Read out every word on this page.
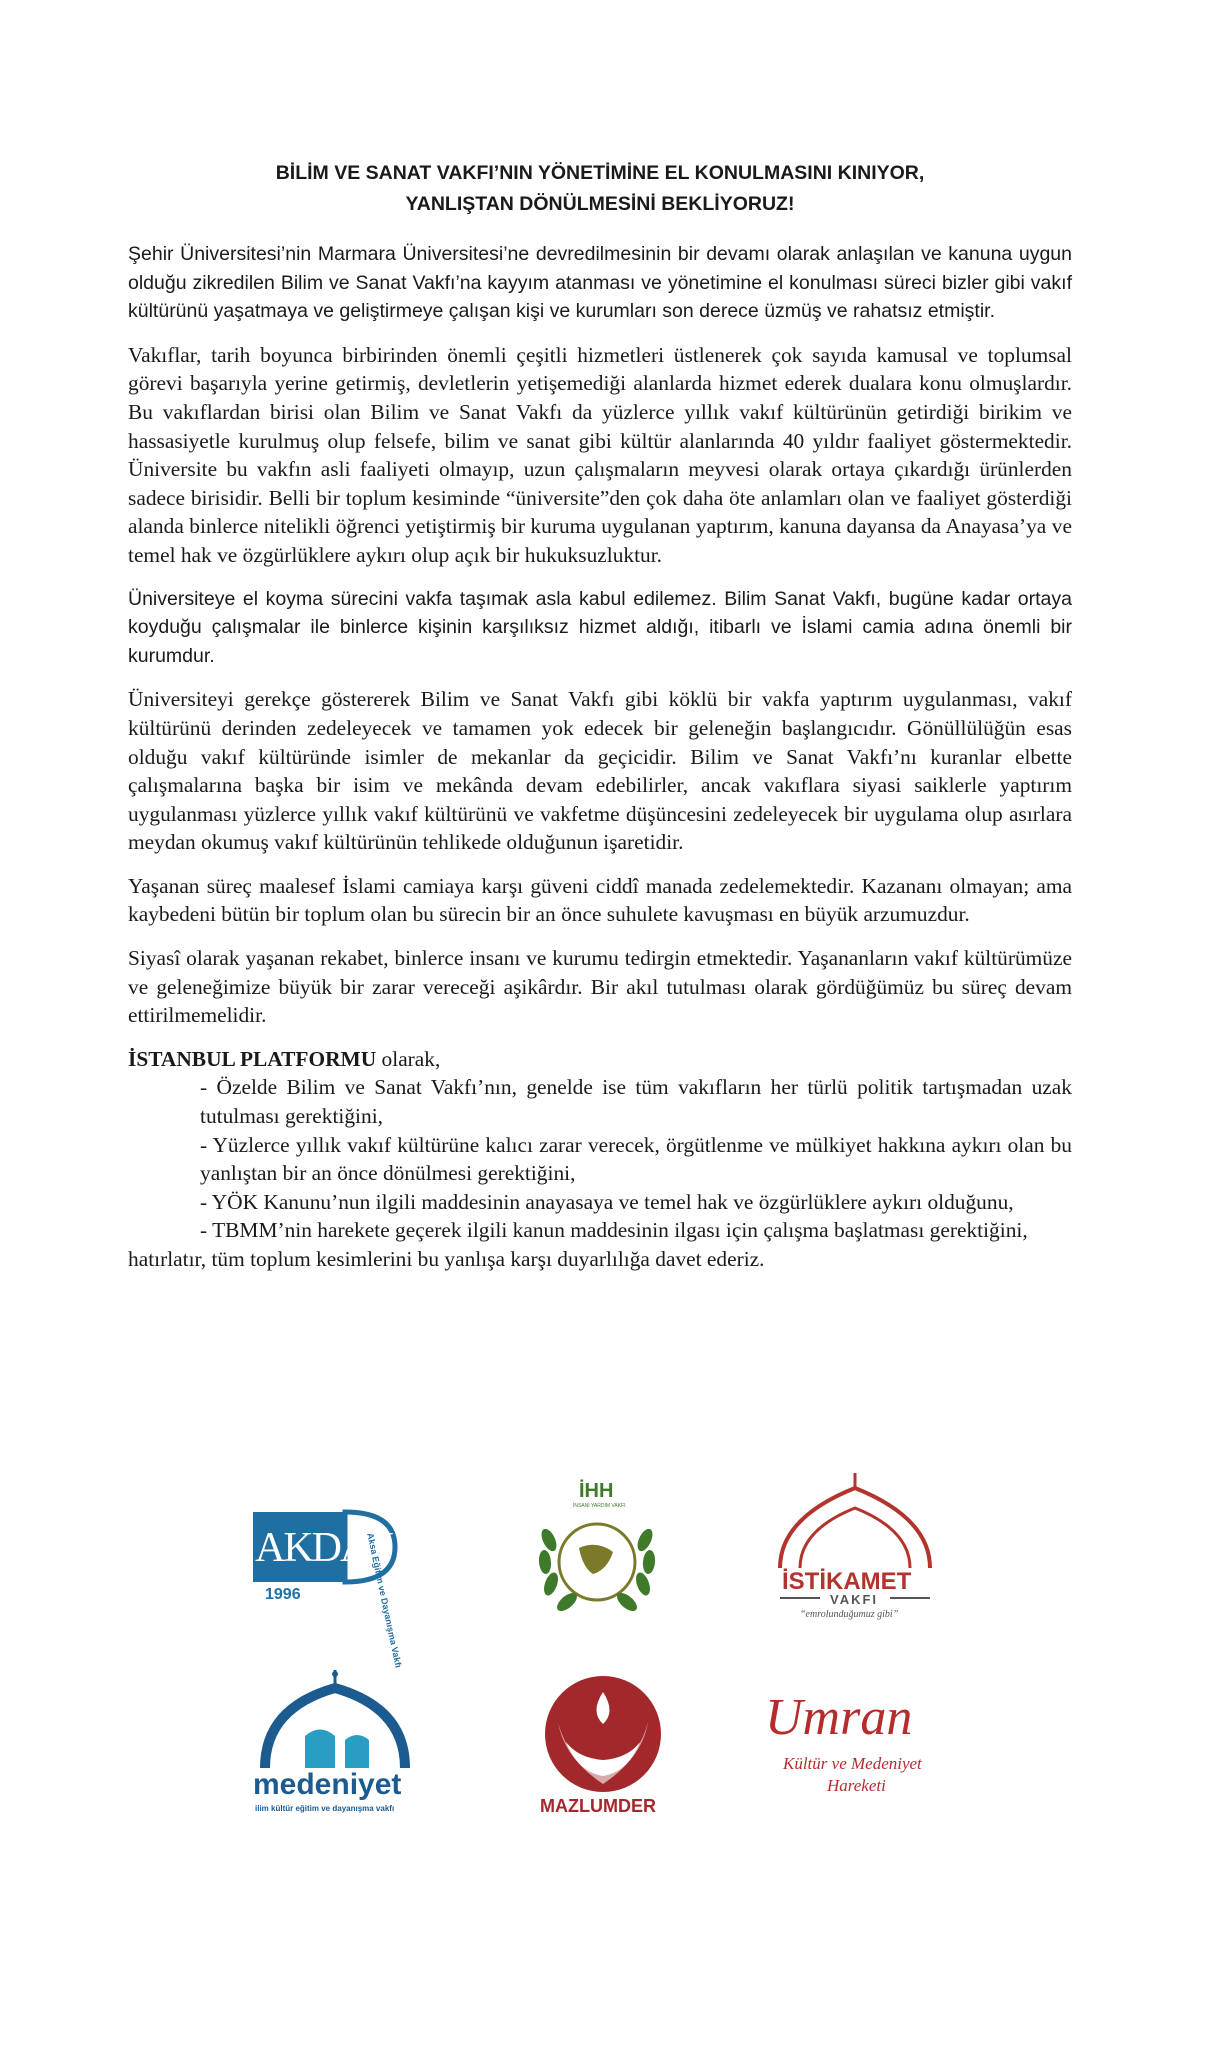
BİLİM VE SANAT VAKFI’NIN YÖNETİMİNE EL KONULMASINI KINIYOR,
YANLIŞTAN DÖNÜLMESİNİ BEKLİYORUZ!

Şehir Üniversitesi’nin Marmara Üniversitesi’ne devredilmesinin bir devamı olarak anlaşılan ve kanuna uygun olduğu zikredilen Bilim ve Sanat Vakfı’na kayyım atanması ve yönetimine el konulması süreci bizler gibi vakıf kültürünü yaşatmaya ve geliştirmeye çalışan kişi ve kurumları son derece üzmüş ve rahatsız etmiştir.

Vakıflar, tarih boyunca birbirinden önemli çeşitli hizmetleri üstlenerek çok sayıda kamusal ve toplumsal görevi başarıyla yerine getirmiş, devletlerin yetişemediği alanlarda hizmet ederek dualara konu olmuşlardır. Bu vakıflardan birisi olan Bilim ve Sanat Vakfı da yüzlerce yıllık vakıf kültürünün getirdiği birikim ve hassasiyetle kurulmuş olup felsefe, bilim ve sanat gibi kültür alanlarında 40 yıldır faaliyet göstermektedir. Üniversite bu vakfın asli faaliyeti olmayıp, uzun çalışmaların meyvesi olarak ortaya çıkardığı ürünlerden sadece birisidir. Belli bir toplum kesiminde “üniversite”den çok daha öte anlamları olan ve faaliyet gösterdiği alanda binlerce nitelikli öğrenci yetiştirmiş bir kuruma uygulanan yaptırım, kanuna dayansa da Anayasa’ya ve temel hak ve özgürlüklere aykırı olup açık bir hukuksuzluktur.

Üniversiteye el koyma sürecini vakfa taşımak asla kabul edilemez. Bilim Sanat Vakfı, bugüne kadar ortaya koyduğu çalışmalar ile binlerce kişinin karşılıksız hizmet aldığı, itibarlı ve İslami camia adına önemli bir kurumdur.

Üniversiteyi gerekçe göstererek Bilim ve Sanat Vakfı gibi köklü bir vakfa yaptırım uygulanması, vakıf kültürünü derinden zedeleyecek ve tamamen yok edecek bir geleneğin başlangıcıdır. Gönüllülüğün esas olduğu vakıf kültüründe isimler de mekanlar da geçicidir. Bilim ve Sanat Vakfı’nı kuranlar elbette çalışmalarına başka bir isim ve mekânda devam edebilirler, ancak vakıflara siyasi saiklerle yaptırım uygulanması yüzlerce yıllık vakıf kültürünü ve vakfetme düşüncesini zedeleyecek bir uygulama olup asırlara meydan okumuş vakıf kültürünün tehlikede olduğunun işaretidir.

Yaşanan süreç maalesef İslami camiaya karşı güveni ciddî manada zedelemektedir. Kazananı olmayan; ama kaybedeni bütün bir toplum olan bu sürecin bir an önce suhulete kavuşması en büyük arzumuzdur.

Siyasî olarak yaşanan rekabet, binlerce insanı ve kurumu tedirgin etmektedir. Yaşananların vakıf kültürümüze ve geleneğimize büyük bir zarar vereceği aşikârdır. Bir akıl tutulması olarak gördüğümüz bu süreç devam ettirilmemelidir.

İSTANBUL PLATFORMU olarak,
- Özelde Bilim ve Sanat Vakfı’nın, genelde ise tüm vakıfların her türlü politik tartışmadan uzak tutulması gerektiğini,
- Yüzlerce yıllık vakıf kültürüne kalıcı zarar verecek, örgütlenme ve mülkiyet hakkına aykırı olan bu yanlıştan bir an önce dönülmesi gerektiğini,
- YÖK Kanunu’nun ilgili maddesinin anayasaya ve temel hak ve özgürlüklere aykırı olduğunu,
- TBMM’nin harekete geçerek ilgili kanun maddesinin ilgası için çalışma başlatması gerektiğini,
hatırlatır, tüm toplum kesimlerini bu yanlışa karşı duyarlılığa davet ederiz.
AKDAV
1996	Aksa Eğitim ve Dayanışma Vakfı
İHH
İNSANİ YARDIM VAKFI
İSTİKAMET
VAKFI
“emrolunduğumuz gibi”
medeniyet
ilim kültür eğitim ve dayanışma vakfı	MAZLUMDER
Umran
Kültür ve Medeniyet
Hareketi
